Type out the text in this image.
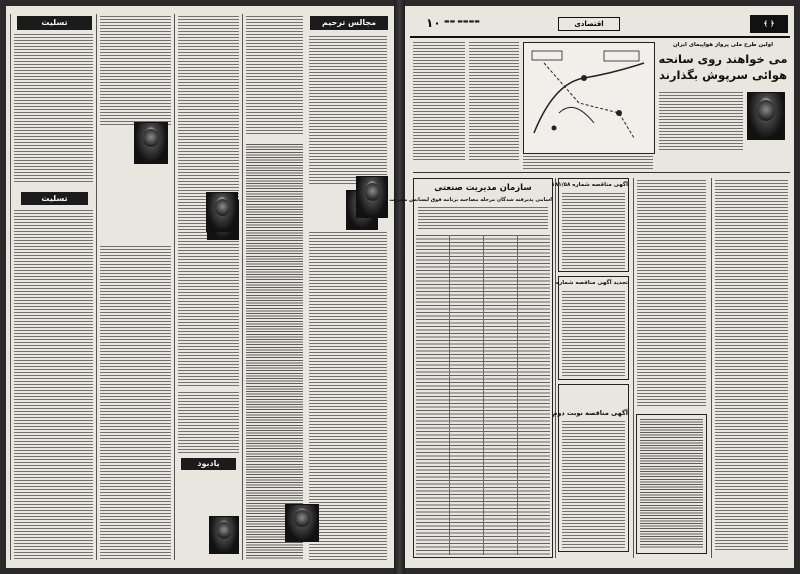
مجالس ترحیم
یادبود
تسلیت
تسلیت
﴾ ﴿
اقتصادی
۱۰ ▬▬▬▬ ▬▬
اولين طرح ملی پرواز هواپيمای ايران
می خواهند روی سانحه
هوائی سرپوش بگذارند
سازمان مدیریت صنعتی
اسامی پذیرفته شدگان مرحله مصاحبه برنامه فوق لیسانس مدیریت
آگهی مناقصه شماره ۱۸۱/۵۸
تجدید آگهی مناقصه شماره
آگهی مناقصه نوبت دوم
